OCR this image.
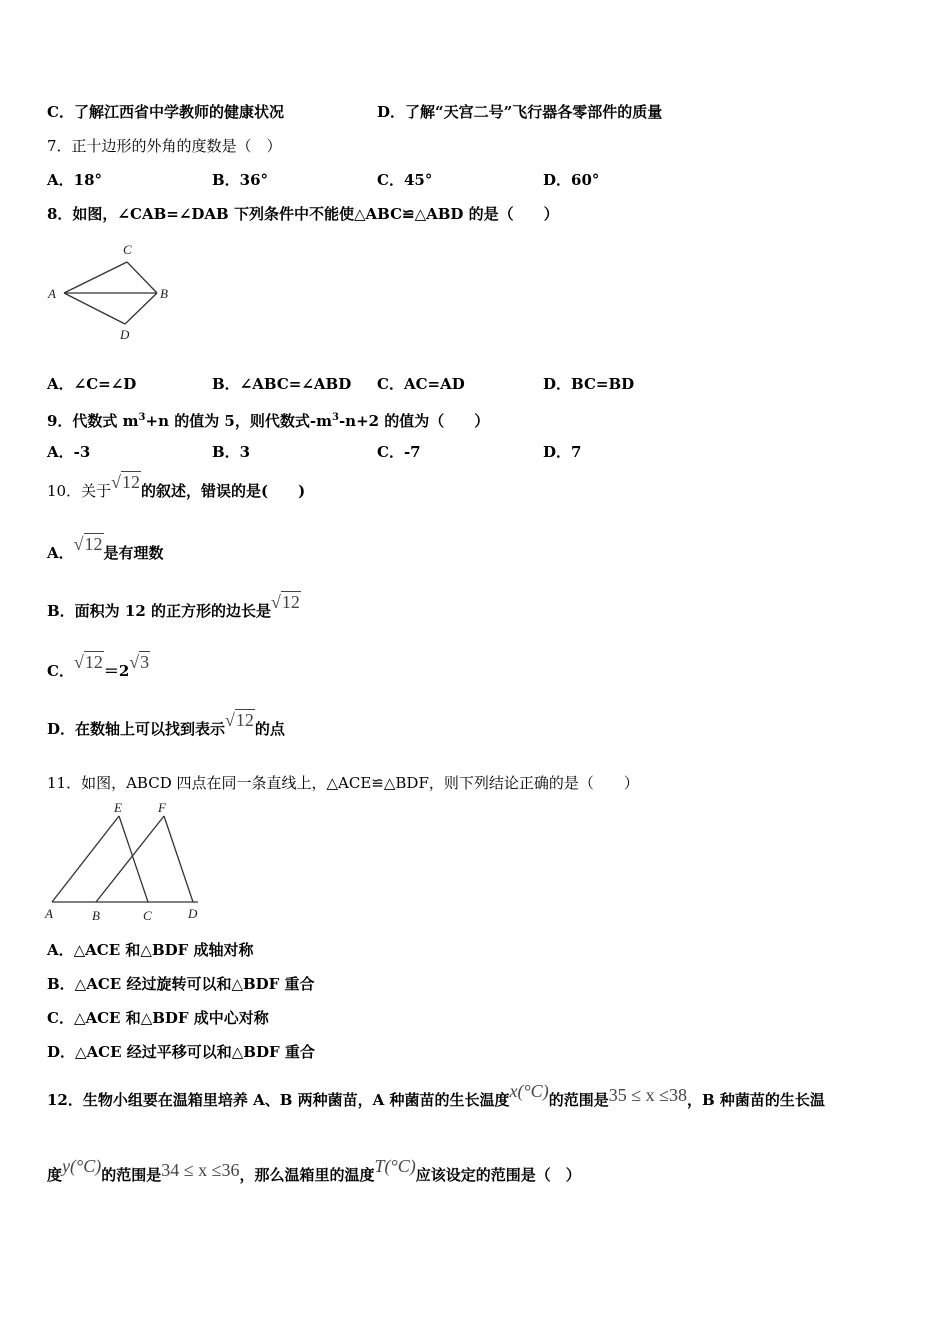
C．了解江西省中学教师的健康状况	D．了解“天宫二号”飞行器各零部件的质量
7．正十边形的外角的度数是（　）
A．18°	B．36°	C．45°	D．60°
8．如图，∠CAB=∠DAB 下列条件中不能使△ABC≌△ABD 的是（　　）
C
A	B
D
A．∠C=∠D	B．∠ABC=∠ABD C．AC=AD	D．BC=BD
9．代数式 $m^3+n$ 的值为 5，则代数式$-m^3-n+2$ 的值为（　　）
A．-3	B．3	C．-7	D．7
10．关于√12的叙述，错误的是(　　)
A．√12是有理数
B．面积为 12 的正方形的边长是√12
C．√12＝2√3
D．在数轴上可以找到表示√12的点
11．如图，ABCD 四点在同一条直线上，△ACE≌△BDF，则下列结论正确的是（　　）
E	F
A	B	C	D
A．△ACE 和△BDF 成轴对称
B．△ACE 经过旋转可以和△BDF 重合
C．△ACE 和△BDF 成中心对称
D．△ACE 经过平移可以和△BDF 重合
12．生物小组要在温箱里培养 A、B 两种菌苗，A 种菌苗的生长温度x(°C)的范围是35 ≤ x ≤38，B 种菌苗的生长温
度y(°C)的范围是34 ≤ x ≤36，那么温箱里的温度T(°C)应该设定的范围是（　）
